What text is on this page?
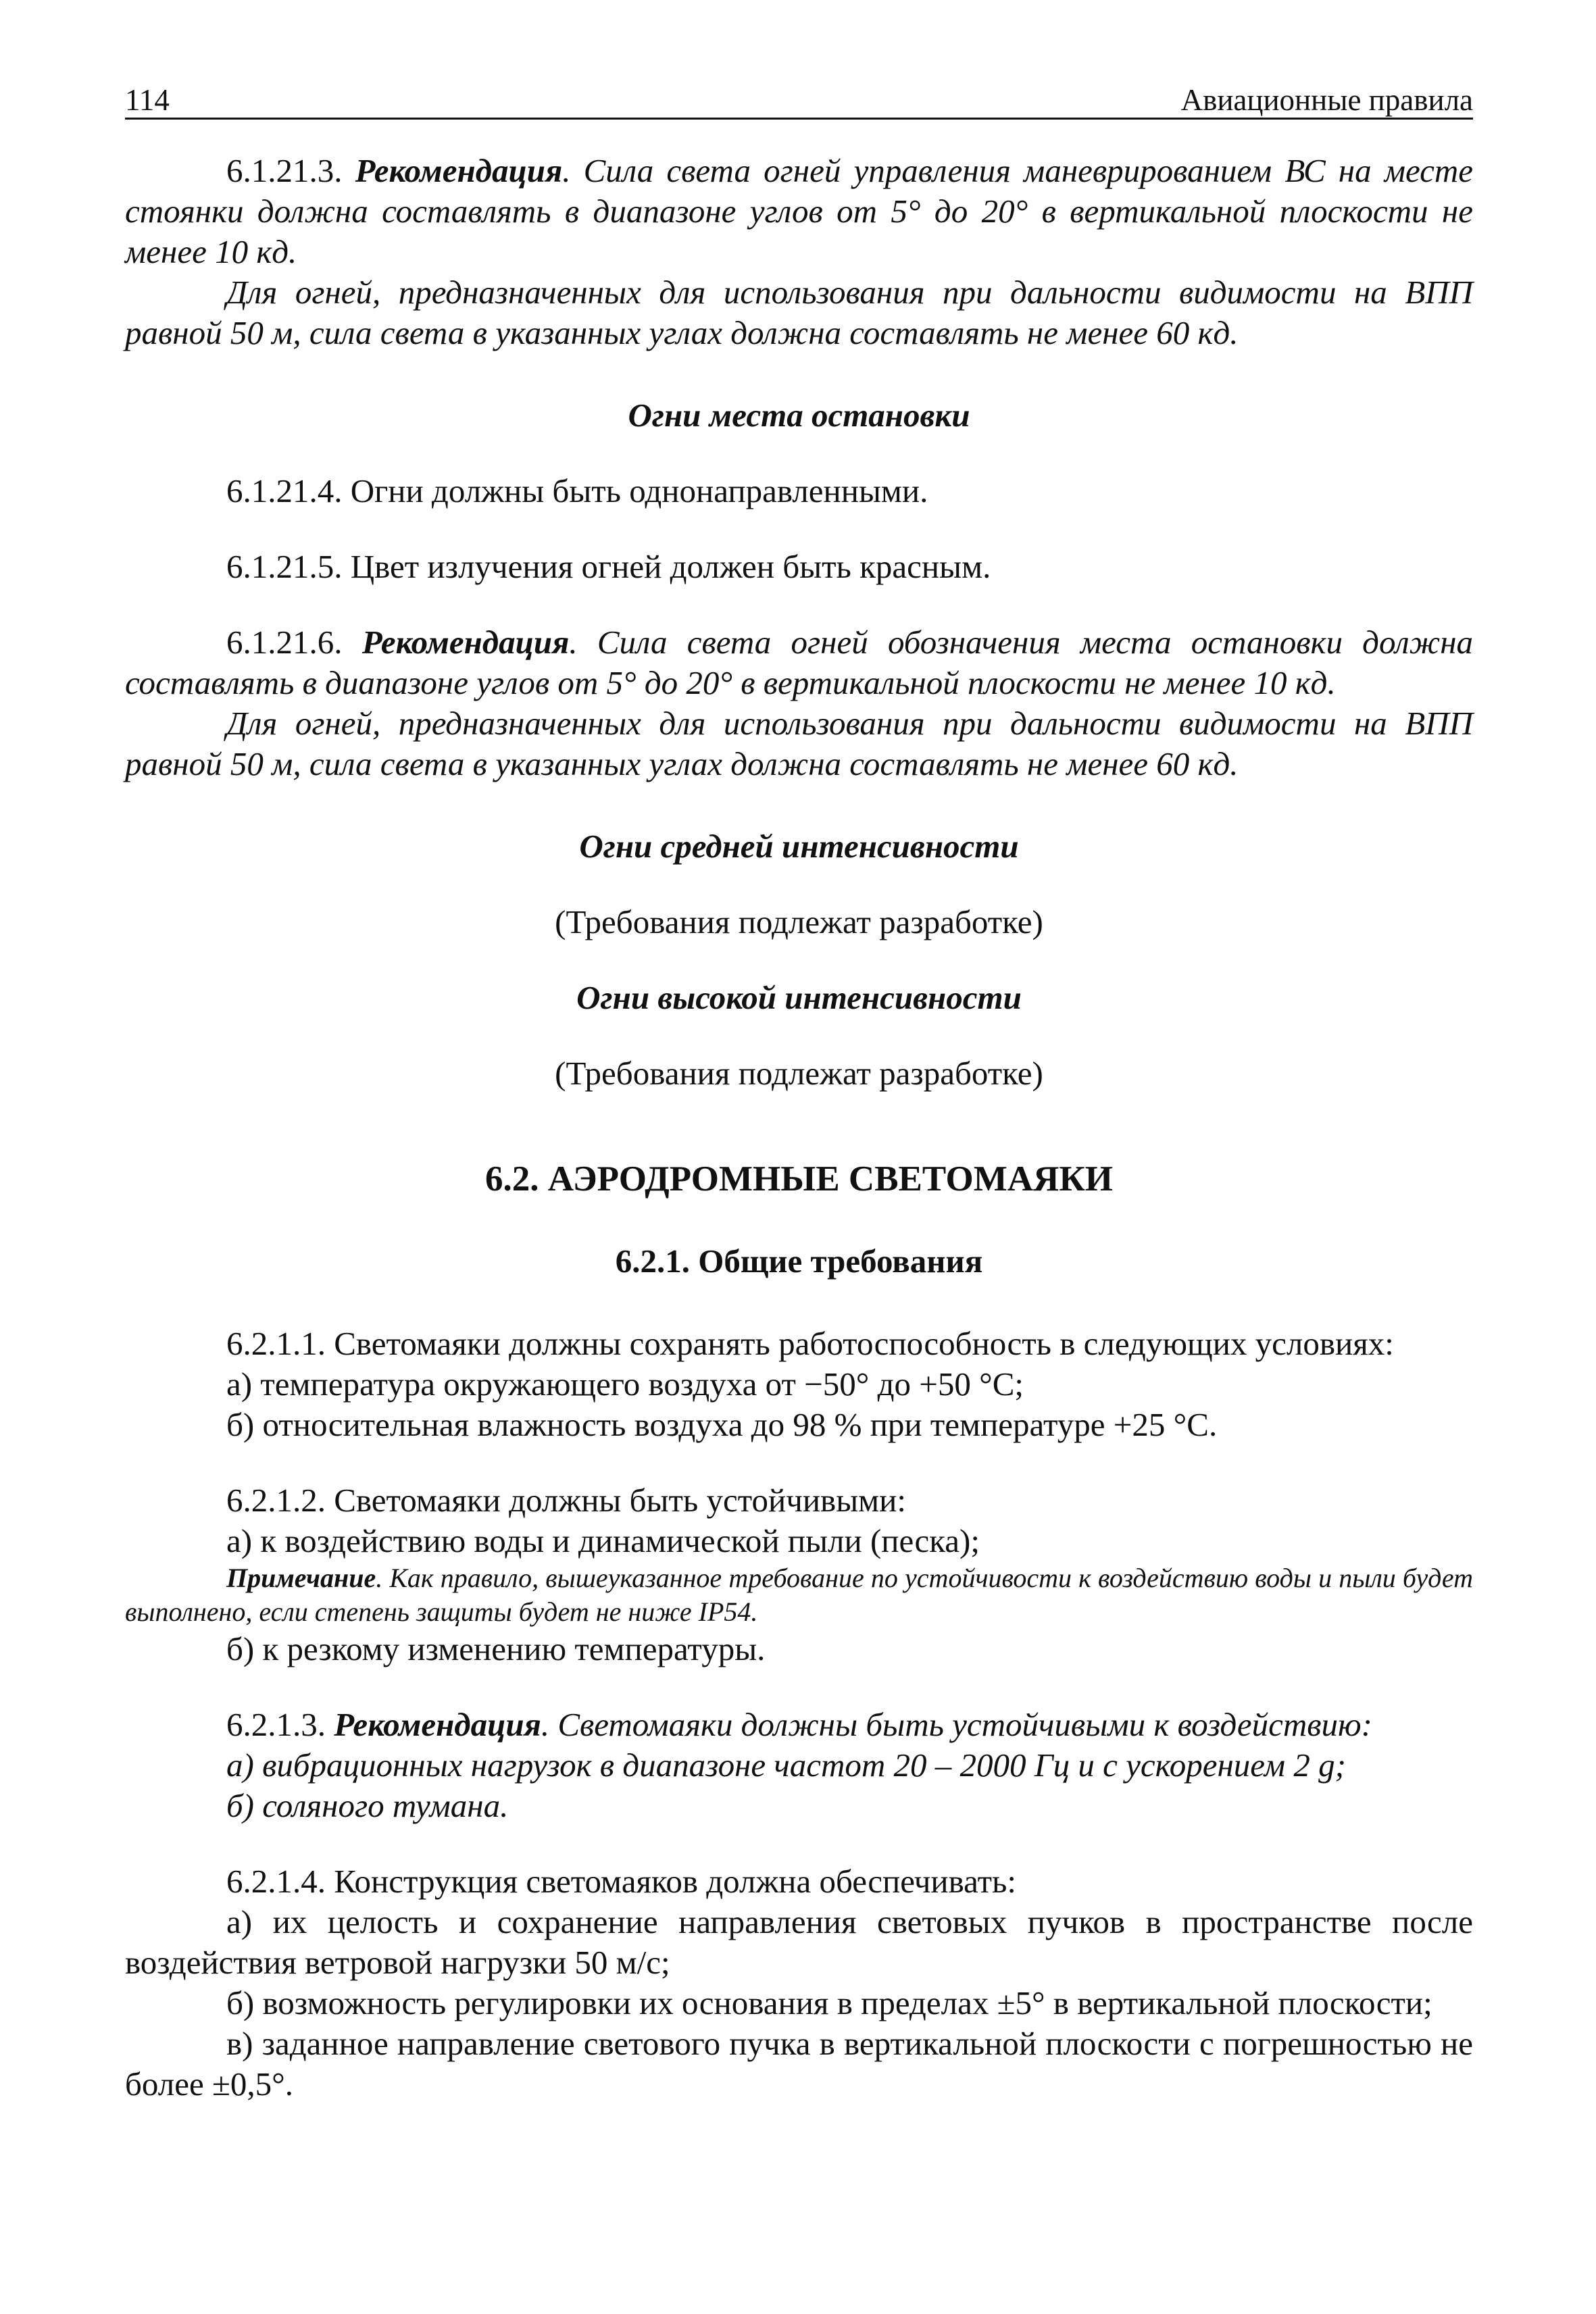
114	Авиационные правила

6.1.21.3. Рекомендация. Сила света огней управления маневрированием ВС на месте стоянки должна составлять в диапазоне углов от 5° до 20° в вертикальной плоскости не менее 10 кд.

Для огней, предназначенных для использования при дальности видимости на ВПП равной 50 м, сила света в указанных углах должна составлять не менее 60 кд.

Огни места остановки

6.1.21.4. Огни должны быть однонаправленными.

6.1.21.5. Цвет излучения огней должен быть красным.

6.1.21.6. Рекомендация. Сила света огней обозначения места остановки должна составлять в диапазоне углов от 5° до 20° в вертикальной плоскости не менее 10 кд.

Для огней, предназначенных для использования при дальности видимости на ВПП равной 50 м, сила света в указанных углах должна составлять не менее 60 кд.

Огни средней интенсивности

(Требования подлежат разработке)

Огни высокой интенсивности

(Требования подлежат разработке)

6.2. АЭРОДРОМНЫЕ СВЕТОМАЯКИ

6.2.1. Общие требования

6.2.1.1. Светомаяки должны сохранять работоспособность в следующих условиях:

а) температура окружающего воздуха от −50° до +50 °С;

б) относительная влажность воздуха до 98 % при температуре +25 °С.

6.2.1.2. Светомаяки должны быть устойчивыми:

а) к воздействию воды и динамической пыли (песка);

Примечание. Как правило, вышеуказанное требование по устойчивости к воздействию воды и пыли будет выполнено, если степень защиты будет не ниже IP54.

б) к резкому изменению температуры.

6.2.1.3. Рекомендация. Светомаяки должны быть устойчивыми к воздействию:

а) вибрационных нагрузок в диапазоне частот 20 – 2000 Гц и с ускорением 2 g;

б) соляного тумана.

6.2.1.4. Конструкция светомаяков должна обеспечивать:

а) их целость и сохранение направления световых пучков в пространстве после воздействия ветровой нагрузки 50 м/с;

б) возможность регулировки их основания в пределах ±5° в вертикальной плоскости;

в) заданное направление светового пучка в вертикальной плоскости с погрешностью не более ±0,5°.
